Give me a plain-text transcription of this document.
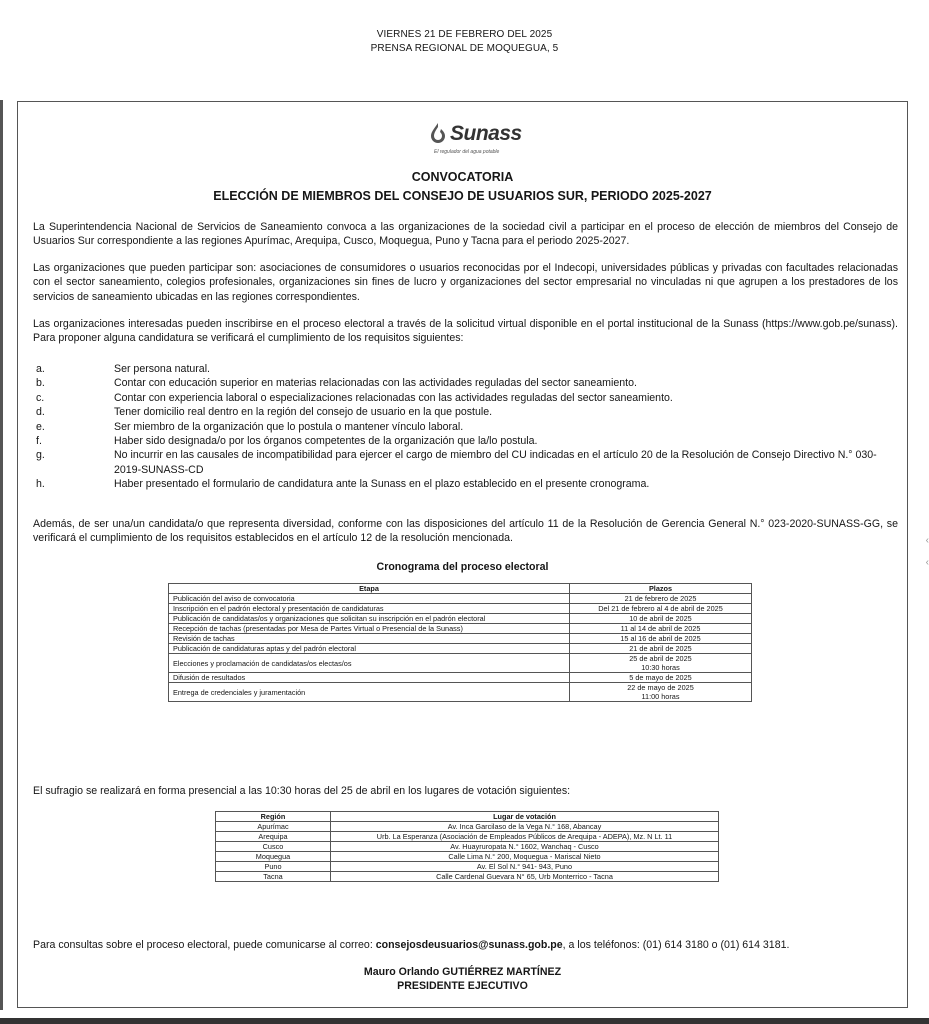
VIERNES 21 DE FEBRERO DEL 2025
PRENSA REGIONAL DE MOQUEGUA, 5
‹
‹
Sunass
El regulador del agua potable
CONVOCATORIA
ELECCIÓN DE MIEMBROS DEL CONSEJO DE USUARIOS SUR, PERIODO 2025-2027
La Superintendencia Nacional de Servicios de Saneamiento convoca a las organizaciones de la sociedad civil a participar en el proceso de elección de miembros del Consejo de Usuarios Sur correspondiente a las regiones Apurímac, Arequipa, Cusco, Moquegua, Puno y Tacna para el periodo 2025-2027.
Las organizaciones que pueden participar son: asociaciones de consumidores o usuarios reconocidas por el Indecopi, universidades públicas y privadas con facultades relacionadas con el sector saneamiento, colegios profesionales, organizaciones sin fines de lucro y organizaciones del sector empresarial no vinculadas ni que agrupen a los prestadores de los servicios de saneamiento ubicadas en las regiones correspondientes.
Las organizaciones interesadas pueden inscribirse en el proceso electoral a través de la solicitud virtual disponible en el portal institucional de la Sunass (https://www.gob.pe/sunass). Para proponer alguna candidatura se verificará el cumplimiento de los requisitos siguientes:
a.	Ser persona natural.
b.	Contar con educación superior en materias relacionadas con las actividades reguladas del sector saneamiento.
c.	Contar con experiencia laboral o especializaciones relacionadas con las actividades reguladas del sector saneamiento.
d.	Tener domicilio real dentro en la región del consejo de usuario en la que postule.
e.	Ser miembro de la organización que lo postula o mantener vínculo laboral.
f.	Haber sido designada/o por los órganos competentes de la organización que la/lo postula.
g.	No incurrir en las causales de incompatibilidad para ejercer el cargo de miembro del CU indicadas en el artículo 20 de la Resolución de Consejo Directivo N.° 030-2019-SUNASS-CD
h.	Haber presentado el formulario de candidatura ante la Sunass en el plazo establecido en el presente cronograma.
Además, de ser una/un candidata/o que representa diversidad, conforme con las disposiciones del artículo 11 de la Resolución de Gerencia General N.° 023-2020-SUNASS-GG, se verificará el cumplimiento de los requisitos establecidos en el artículo 12 de la resolución mencionada.
Cronograma del proceso electoral
Etapa	Plazos
Publicación del aviso de convocatoria	21 de febrero de 2025

Inscripción en el padrón electoral y presentación de candidaturas	Del 21 de febrero al 4 de abril de 2025

Publicación de candidatas/os y organizaciones que solicitan su inscripción en el padrón electoral	10 de abril de 2025

Recepción de tachas (presentadas por Mesa de Partes Virtual o Presencial de la Sunass)	11 al 14 de abril de 2025

Revisión de tachas	15 al 16 de abril de 2025

Publicación de candidaturas aptas y del padrón electoral	21 de abril de 2025

Elecciones y proclamación de candidatas/os electas/os	25 de abril de 2025
10:30 horas

Difusión de resultados	5 de mayo de 2025

Entrega de credenciales y juramentación	22 de mayo de 2025
11:00 horas
El sufragio se realizará en forma presencial a las 10:30 horas del 25 de abril en los lugares de votación siguientes:
Región	Lugar de votación
Apurímac	Av. Inca Garcilaso de la Vega N.° 168, Abancay
Arequipa	Urb. La Esperanza (Asociación de Empleados Públicos de Arequipa - ADEPA), Mz. N Lt. 11
Cusco	Av. Huayruropata N.° 1602, Wanchaq - Cusco
Moquegua	Calle Lima N.° 200, Moquegua - Mariscal Nieto
Puno	Av. El Sol N.° 941- 943, Puno
Tacna	Calle Cardenal Guevara N° 65, Urb Monterrico - Tacna
Para consultas sobre el proceso electoral, puede comunicarse al correo: consejosdeusuarios@sunass.gob.pe, a los teléfonos: (01) 614 3180 o (01) 614 3181.
Mauro Orlando GUTIÉRREZ MARTÍNEZ
PRESIDENTE EJECUTIVO
